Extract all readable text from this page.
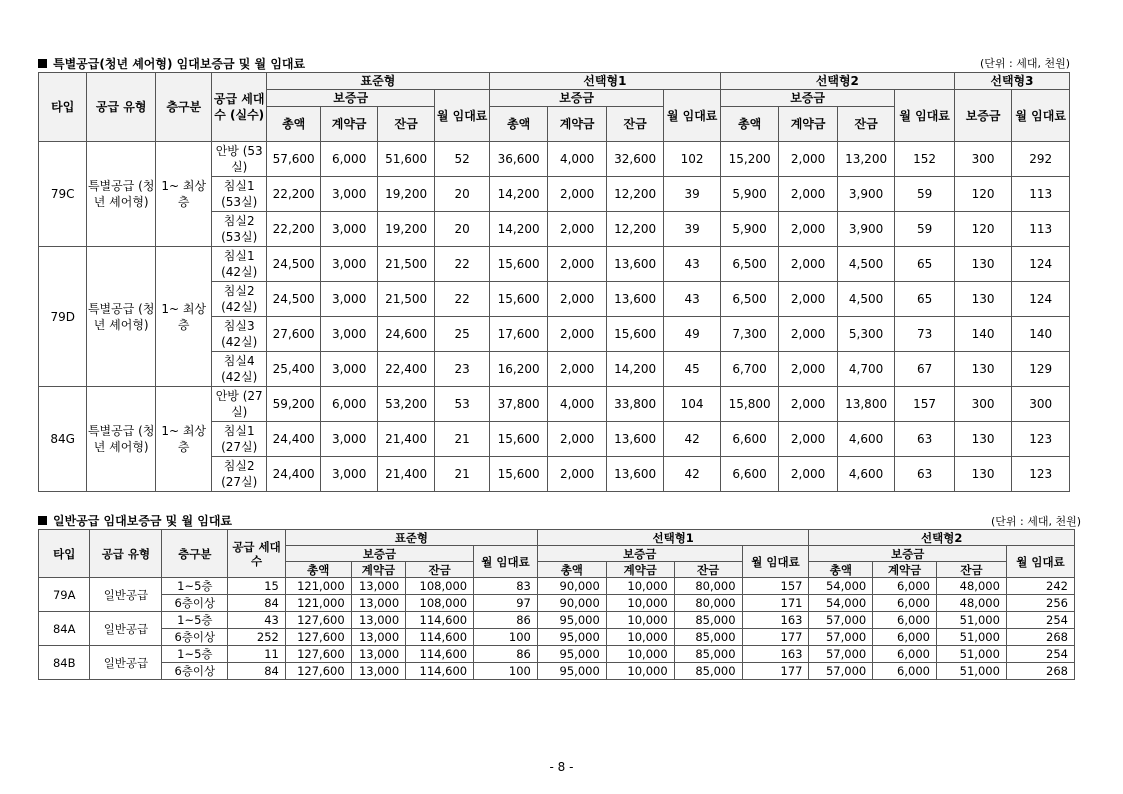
특별공급(청년 셰어형) 임대보증금 및 월 임대료	(단위 : 세대, 천원)
타입	공급 유형	층구분	공급 세대수 (실수)	표준형				선택형1				선택형2				선택형3	
				보증금			월 임대료	보증금			월 임대료	보증금			월 임대료	보증금	월 임대료
				총액	계약금	잔금		총액	계약금	잔금		총액	계약금	잔금			
79C	특별공급 (청년 셰어형)	1~ 최상층	안방 (53실)	57,600	6,000	51,600	52	36,600	4,000	32,600	102	15,200	2,000	13,200	152	300	292
			침실1 (53실)	22,200	3,000	19,200	20	14,200	2,000	12,200	39	5,900	2,000	3,900	59	120	113
			침실2 (53실)	22,200	3,000	19,200	20	14,200	2,000	12,200	39	5,900	2,000	3,900	59	120	113
79D	특별공급 (청년 셰어형)	1~ 최상층	침실1 (42실)	24,500	3,000	21,500	22	15,600	2,000	13,600	43	6,500	2,000	4,500	65	130	124
			침실2 (42실)	24,500	3,000	21,500	22	15,600	2,000	13,600	43	6,500	2,000	4,500	65	130	124
			침실3 (42실)	27,600	3,000	24,600	25	17,600	2,000	15,600	49	7,300	2,000	5,300	73	140	140
			침실4 (42실)	25,400	3,000	22,400	23	16,200	2,000	14,200	45	6,700	2,000	4,700	67	130	129
84G	특별공급 (청년 셰어형)	1~ 최상층	안방 (27실)	59,200	6,000	53,200	53	37,800	4,000	33,800	104	15,800	2,000	13,800	157	300	300
			침실1 (27실)	24,400	3,000	21,400	21	15,600	2,000	13,600	42	6,600	2,000	4,600	63	130	123
			침실2 (27실)	24,400	3,000	21,400	21	15,600	2,000	13,600	42	6,600	2,000	4,600	63	130	123
일반공급 임대보증금 및 월 임대료	(단위 : 세대, 천원)
타입	공급 유형	층구분	공급 세대수	표준형				선택형1				선택형2			
				보증금			월 임대료	보증금			월 임대료	보증금			월 임대료
				총액	계약금	잔금		총액	계약금	잔금		총액	계약금	잔금	
79A	일반공급	1~5층	15	121,000	13,000	108,000	83	90,000	10,000	80,000	157	54,000	6,000	48,000	242
		6층이상	84	121,000	13,000	108,000	97	90,000	10,000	80,000	171	54,000	6,000	48,000	256
84A	일반공급	1~5층	43	127,600	13,000	114,600	86	95,000	10,000	85,000	163	57,000	6,000	51,000	254
		6층이상	252	127,600	13,000	114,600	100	95,000	10,000	85,000	177	57,000	6,000	51,000	268
84B	일반공급	1~5층	11	127,600	13,000	114,600	86	95,000	10,000	85,000	163	57,000	6,000	51,000	254
		6층이상	84	127,600	13,000	114,600	100	95,000	10,000	85,000	177	57,000	6,000	51,000	268
- 8 -
